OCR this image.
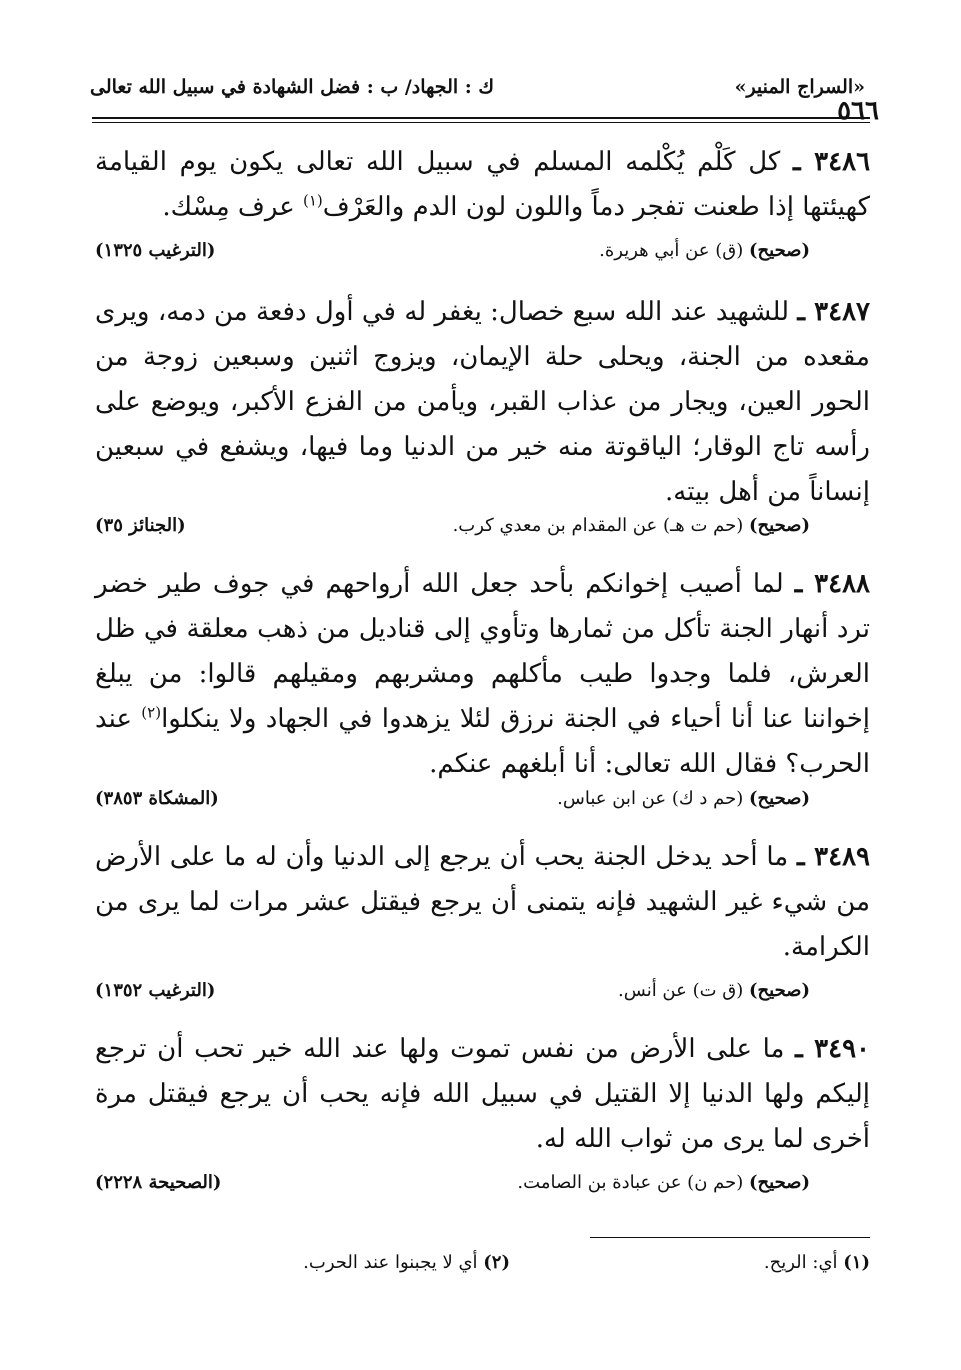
ك : الجهاد/ ب : فضل الشهادة في سبيل الله تعالى	«السراج المنير»
٥٦٦
٣٤٨٦ ـ كل كَلْم يُكْلمه المسلم في سبيل الله تعالى يكون يوم القيامة كهيئتها إذا طعنت تفجر دماً واللون لون الدم والعَرْف$^{(١)}$ عرف مِسْك.
(صحيح) (ق) عن أبي هريرة.
(الترغيب ١٣٢٥)
٣٤٨٧ ـ للشهيد عند الله سبع خصال: يغفر له في أول دفعة من دمه، ويرى مقعده من الجنة، ويحلى حلة الإيمان، ويزوج اثنين وسبعين زوجة من الحور العين، ويجار من عذاب القبر، ويأمن من الفزع الأكبر، ويوضع على رأسه تاج الوقار؛ الياقوتة منه خير من الدنيا وما فيها، ويشفع في سبعين إنساناً من أهل بيته.
(صحيح) (حم ت هـ) عن المقدام بن معدي كرب.
(الجنائز ٣٥)
٣٤٨٨ ـ لما أصيب إخوانكم بأحد جعل الله أرواحهم في جوف طير خضر ترد أنهار الجنة تأكل من ثمارها وتأوي إلى قناديل من ذهب معلقة في ظل العرش، فلما وجدوا طيب مأكلهم ومشربهم ومقيلهم قالوا: من يبلغ إخواننا عنا أنا أحياء في الجنة نرزق لئلا يزهدوا في الجهاد ولا ينكلوا$^{(٢)}$ عند الحرب؟ فقال الله تعالى: أنا أبلغهم عنكم.
(صحيح) (حم د ك) عن ابن عباس.
(المشكاة ٣٨٥٣)
٣٤٨٩ ـ ما أحد يدخل الجنة يحب أن يرجع إلى الدنيا وأن له ما على الأرض من شيء غير الشهيد فإنه يتمنى أن يرجع فيقتل عشر مرات لما يرى من الكرامة.
(صحيح) (ق ت) عن أنس.
(الترغيب ١٣٥٢)
٣٤٩٠ ـ ما على الأرض من نفس تموت ولها عند الله خير تحب أن ترجع إليكم ولها الدنيا إلا القتيل في سبيل الله فإنه يحب أن يرجع فيقتل مرة أخرى لما يرى من ثواب الله له.
(صحيح) (حم ن) عن عبادة بن الصامت.
(الصحيحة ٢٢٢٨)
(١) أي: الريح.
(٢) أي لا يجبنوا عند الحرب.
